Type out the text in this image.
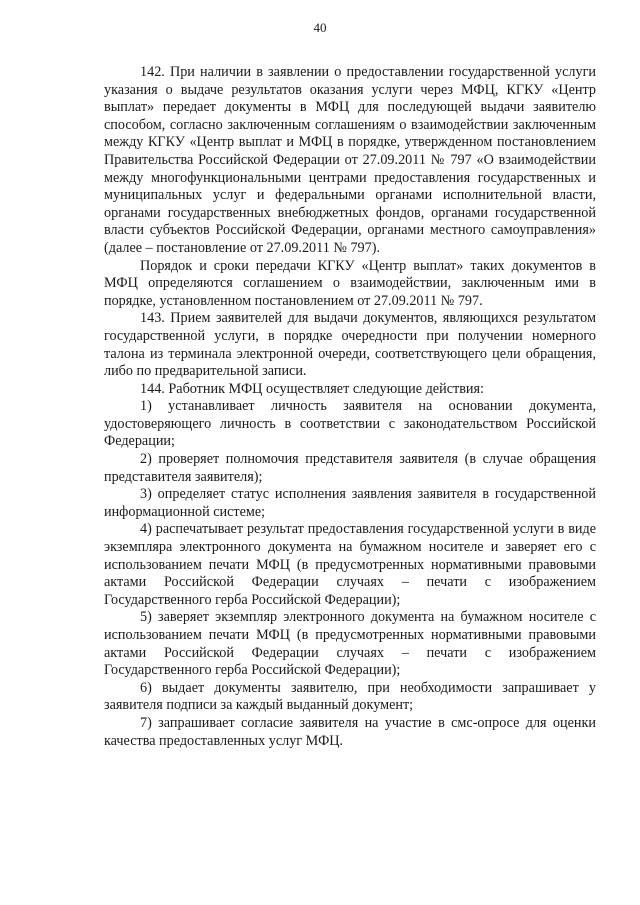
40

142. При наличии в заявлении о предоставлении государственной услуги указания о выдаче результатов оказания услуги через МФЦ, КГКУ «Центр выплат» передает документы в МФЦ для последующей выдачи заявителю способом, согласно заключенным соглашениям о взаимодействии заключенным между КГКУ «Центр выплат и МФЦ в порядке, утвержденном постановлением Правительства Российской Федерации от 27.09.2011 № 797 «О взаимодействии между многофункциональными центрами предоставления государственных и муниципальных услуг и федеральными органами исполнительной власти, органами государственных внебюджетных фондов, органами государственной власти субъектов Российской Федерации, органами местного самоуправления» (далее – постановление от 27.09.2011 № 797).

Порядок и сроки передачи КГКУ «Центр выплат» таких документов в МФЦ определяются соглашением о взаимодействии, заключенным ими в порядке, установленном постановлением от 27.09.2011 № 797.

143. Прием заявителей для выдачи документов, являющихся результатом государственной услуги, в порядке очередности при получении номерного талона из терминала электронной очереди, соответствующего цели обращения, либо по предварительной записи.

144. Работник МФЦ осуществляет следующие действия:

1) устанавливает личность заявителя на основании документа, удостоверяющего личность в соответствии с законодательством Российской Федерации;

2) проверяет полномочия представителя заявителя (в случае обращения представителя заявителя);

3) определяет статус исполнения заявления заявителя в государственной информационной системе;

4) распечатывает результат предоставления государственной услуги в виде экземпляра электронного документа на бумажном носителе и заверяет его с использованием печати МФЦ (в предусмотренных нормативными правовыми актами Российской Федерации случаях – печати с изображением Государственного герба Российской Федерации);

5) заверяет экземпляр электронного документа на бумажном носителе с использованием печати МФЦ (в предусмотренных нормативными правовыми актами Российской Федерации случаях – печати с изображением Государственного герба Российской Федерации);

6) выдает документы заявителю, при необходимости запрашивает у заявителя подписи за каждый выданный документ;

7) запрашивает согласие заявителя на участие в смс-опросе для оценки качества предоставленных услуг МФЦ.
